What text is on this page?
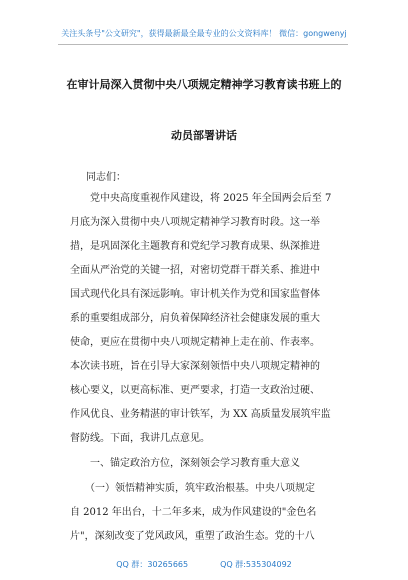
关注头条号"公文研究"，获得最新最全最专业的公文资料库！ 微信：gongwenyj
在审计局深入贯彻中央八项规定精神学习教育读书班上的
动员部署讲话
同志们：
　　党中央高度重视作风建设，将 2025 年全国两会后至 7
月底为深入贯彻中央八项规定精神学习教育时段。这一举
措，是巩固深化主题教育和党纪学习教育成果、纵深推进
全面从严治党的关键一招，对密切党群干群关系、推进中
国式现代化具有深远影响。审计机关作为党和国家监督体
系的重要组成部分，肩负着保障经济社会健康发展的重大
使命，更应在贯彻中央八项规定精神上走在前、作表率。
本次读书班，旨在引导大家深刻领悟中央八项规定精神的
核心要义，以更高标准、更严要求，打造一支政治过硬、
作风优良、业务精湛的审计铁军，为 XX 高质量发展筑牢监
督防线。下面，我讲几点意见。
　　一、锚定政治方位，深刻领会学习教育重大意义
　　（一）领悟精神实质，筑牢政治根基。中央八项规定
自 2012 年出台，十二年多来，成为作风建设的"金色名
片"，深刻改变了党风政风，重塑了政治生态。党的十八
QQ 群：30265665　　　　QQ 群:535304092
